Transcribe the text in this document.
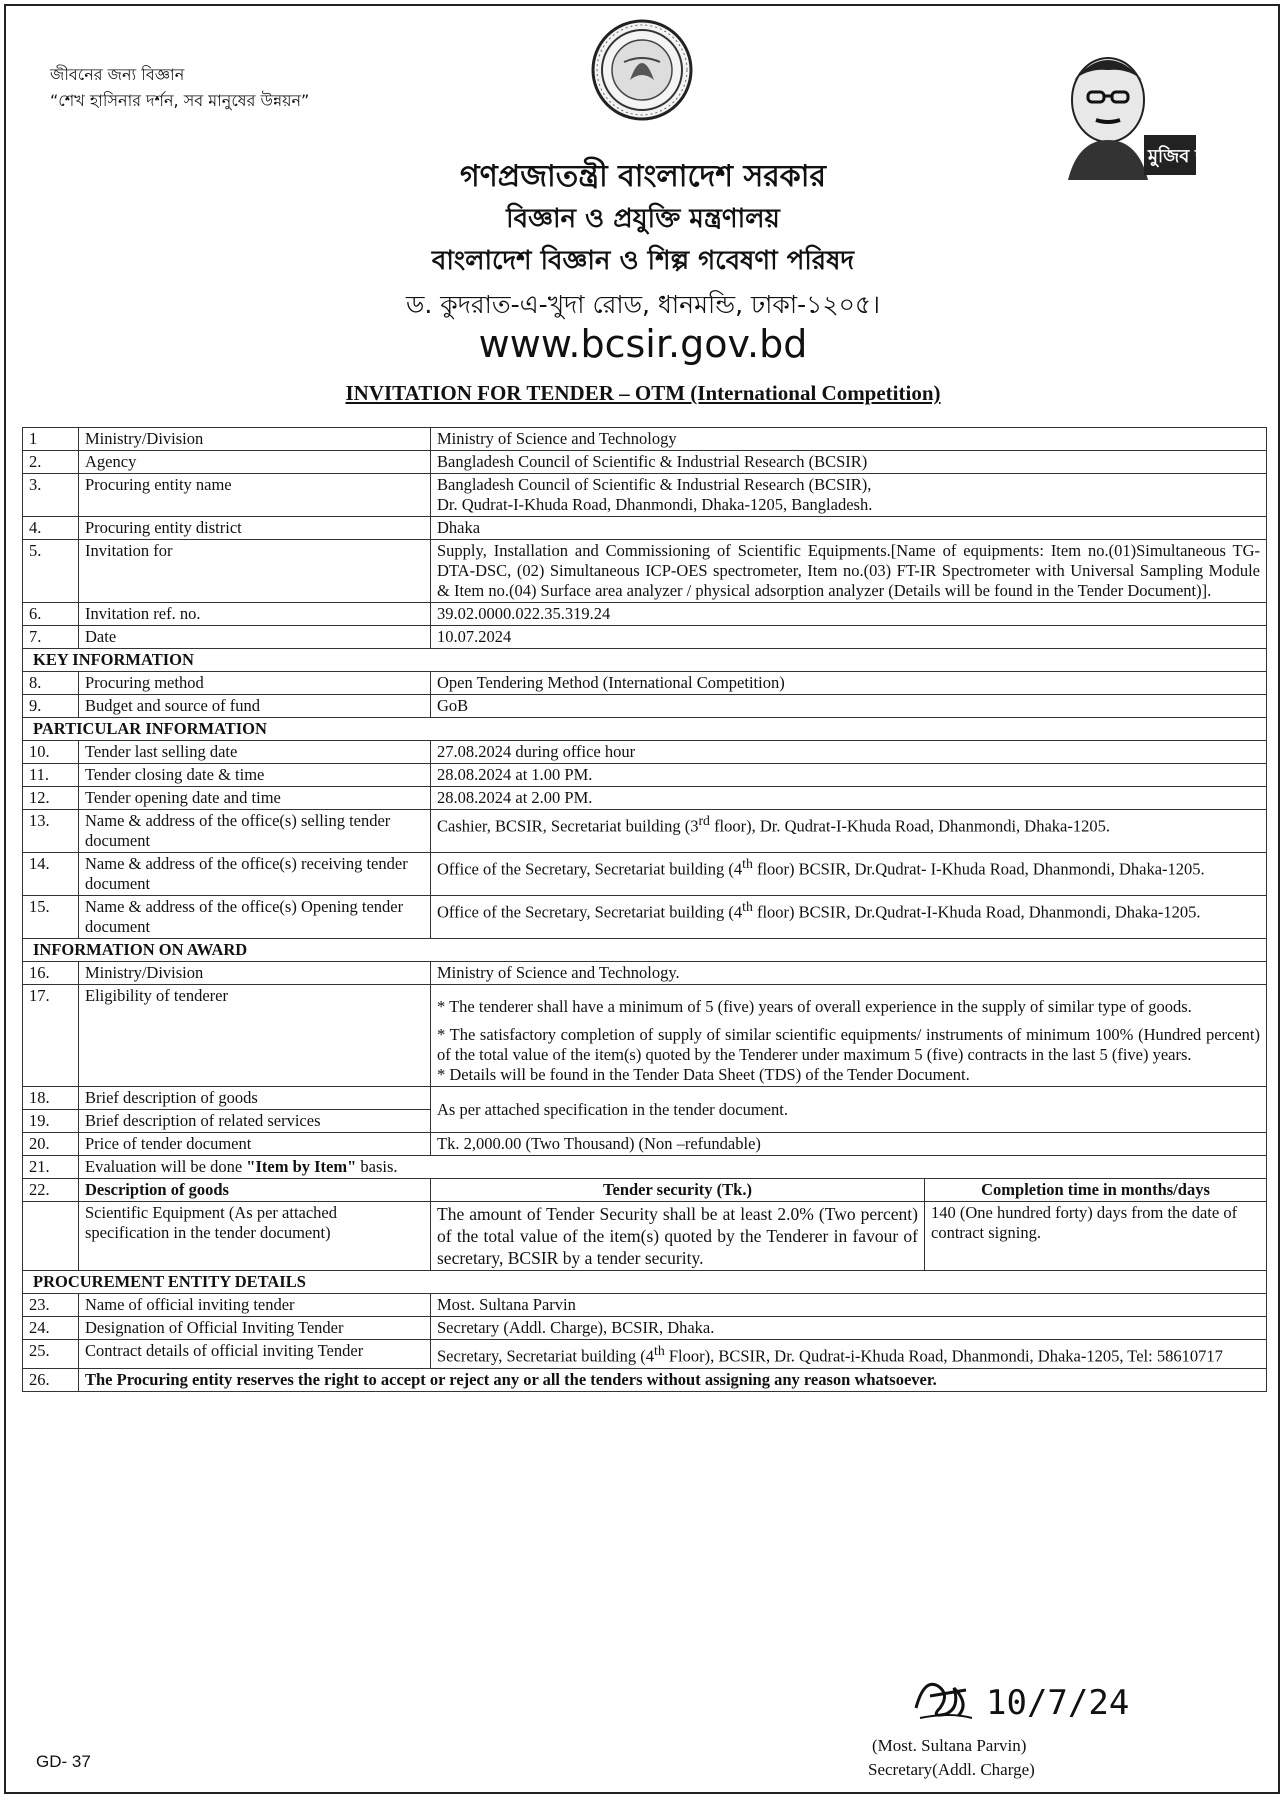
জীবনের জন্য বিজ্ঞান
“শেখ হাসিনার দর্শন, সব মানুষের উন্নয়ন”
মুজিব শতবর্ষ
গণপ্রজাতন্ত্রী বাংলাদেশ সরকার
বিজ্ঞান ও প্রযুক্তি মন্ত্রণালয়
বাংলাদেশ বিজ্ঞান ও শিল্প গবেষণা পরিষদ
ড. কুদরাত-এ-খুদা রোড, ধানমন্ডি, ঢাকা-১২০৫।
www.bcsir.gov.bd
INVITATION FOR TENDER – OTM (International Competition)
1	Ministry/Division	Ministry of Science and Technology	
2.	Agency	Bangladesh Council of Scientific & Industrial Research (BCSIR)	
3.	Procuring entity name	Bangladesh Council of Scientific & Industrial Research (BCSIR),
Dr. Qudrat-I-Khuda Road, Dhanmondi, Dhaka-1205, Bangladesh.	

4.	Procuring entity district	Dhaka	
5.	Invitation for	Supply, Installation and Commissioning of Scientific Equipments.[Name of equipments: Item no.(01)Simultaneous TG-DTA-DSC, (02) Simultaneous ICP-OES spectrometer, Item no.(03) FT-IR Spectrometer with Universal Sampling Module & Item no.(04) Surface area analyzer / physical adsorption analyzer (Details will be found in the Tender Document)].	
6.	Invitation ref. no.	39.02.0000.022.35.319.24	
7.	Date	10.07.2024	
KEY INFORMATION			
8.	Procuring method	Open Tendering Method (International Competition)	
9.	Budget and source of fund	GoB	
PARTICULAR INFORMATION			
10.	Tender last selling date	27.08.2024 during office hour	
11.	Tender closing date & time	28.08.2024 at 1.00 PM.	
12.	Tender opening date and time	28.08.2024 at 2.00 PM.	
13.	Name & address of the office(s) selling tender document	Cashier, BCSIR, Secretariat building (3rd floor), Dr. Qudrat-I-Khuda Road, Dhanmondi, Dhaka-1205.	
14.	Name & address of the office(s) receiving tender document	Office of the Secretary, Secretariat building (4th floor) BCSIR, Dr.Qudrat- I-Khuda Road, Dhanmondi, Dhaka-1205.	
15.	Name & address of the office(s) Opening tender document	Office of the Secretary, Secretariat building (4th floor) BCSIR, Dr.Qudrat-I-Khuda Road, Dhanmondi, Dhaka-1205.	
INFORMATION ON AWARD			
16.	Ministry/Division	Ministry of Science and Technology.	
17.	Eligibility of tenderer	* The tenderer shall have a minimum of 5 (five) years of overall experience in the supply of similar type of goods.

* The satisfactory completion of supply of similar scientific equipments/ instruments of minimum 100% (Hundred percent) of the total value of the item(s) quoted by the Tenderer under maximum 5 (five) contracts in the last 5 (five) years.

* Details will be found in the Tender Data Sheet (TDS) of the Tender Document.	

18.	Brief description of goods	As per attached specification in the tender document.	
19.	Brief description of related services		
20.	Price of tender document	Tk. 2,000.00 (Two Thousand) (Non –refundable)	
21.	Evaluation will be done "Item by Item" basis.		
22.	Description of goods	Tender security (Tk.)	Completion time in months/days
	Scientific Equipment (As per attached specification in the tender document)	The amount of Tender Security shall be at least 2.0% (Two percent) of the total value of the item(s) quoted by the Tenderer in favour of secretary, BCSIR by a tender security.	140 (One hundred forty) days from the date of contract signing.
PROCUREMENT ENTITY DETAILS			
23.	Name of official inviting tender	Most. Sultana Parvin	
24.	Designation of Official Inviting Tender	Secretary (Addl. Charge), BCSIR, Dhaka.	
25.	Contract details of official inviting Tender	Secretary, Secretariat building (4th Floor), BCSIR, Dr. Qudrat-i-Khuda Road, Dhanmondi, Dhaka-1205, Tel: 58610717	
26.	The Procuring entity reserves the right to accept or reject any or all the tenders without assigning any reason whatsoever.		
10/7/24
(Most. Sultana Parvin)
Secretary(Addl. Charge)
GD- 37
